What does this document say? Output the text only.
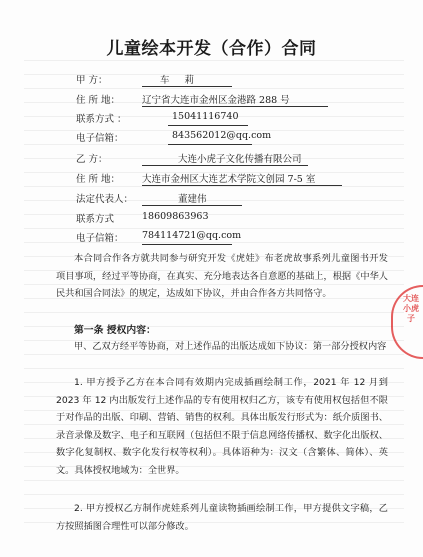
儿童绘本开发（合作）合同
甲 方：	车 莉
住 所 地： 辽宁省大连市金州区金港路 288 号
联系方式 ：	15041116740
电子信箱：	843562012@qq.com
乙 方：	大连小虎子文化传播有限公司
住 所 地： 大连市金州区大连艺术学院文创园 7-5 室
法定代表人：	董建伟
联系方式	18609863963
电子信箱： 784114721@qq.com
本合同合作各方就共同参与研究开发《虎娃》布老虎故事系列儿童图书开发 项目事项，经过平等协商，在真实、充分地表达各自意愿的基础上，根据《中华人民共和国合同法》的规定，达成如下协议，并由合作各方共同恪守。
第一条 授权内容：
甲、乙双方经平等协商，对上述作品的出版达成如下协议：第一部分授权内容
1. 甲方授予乙方在本合同有效期内完成插画绘制工作，2021 年 12 月到 2023 年 12 内出版发行上述作品的专有使用权归乙方，该专有使用权包括但不限于对作品的出版、印刷、营销、销售的权利。具体出版发行形式为：纸介质图书、录音录像及数字、电子和互联网（包括但不限于信息网络传播权、数字化出版权、数字化复制权、数字化发行权等权利）。具体语种为：汉文（含繁体、简体）、英文。具体授权地域为：全世界。
2. 甲方授权乙方制作虎娃系列儿童读物插画绘制工作，甲方提供文字稿，乙方按照插图合理性可以部分修改。
大连小虎子
